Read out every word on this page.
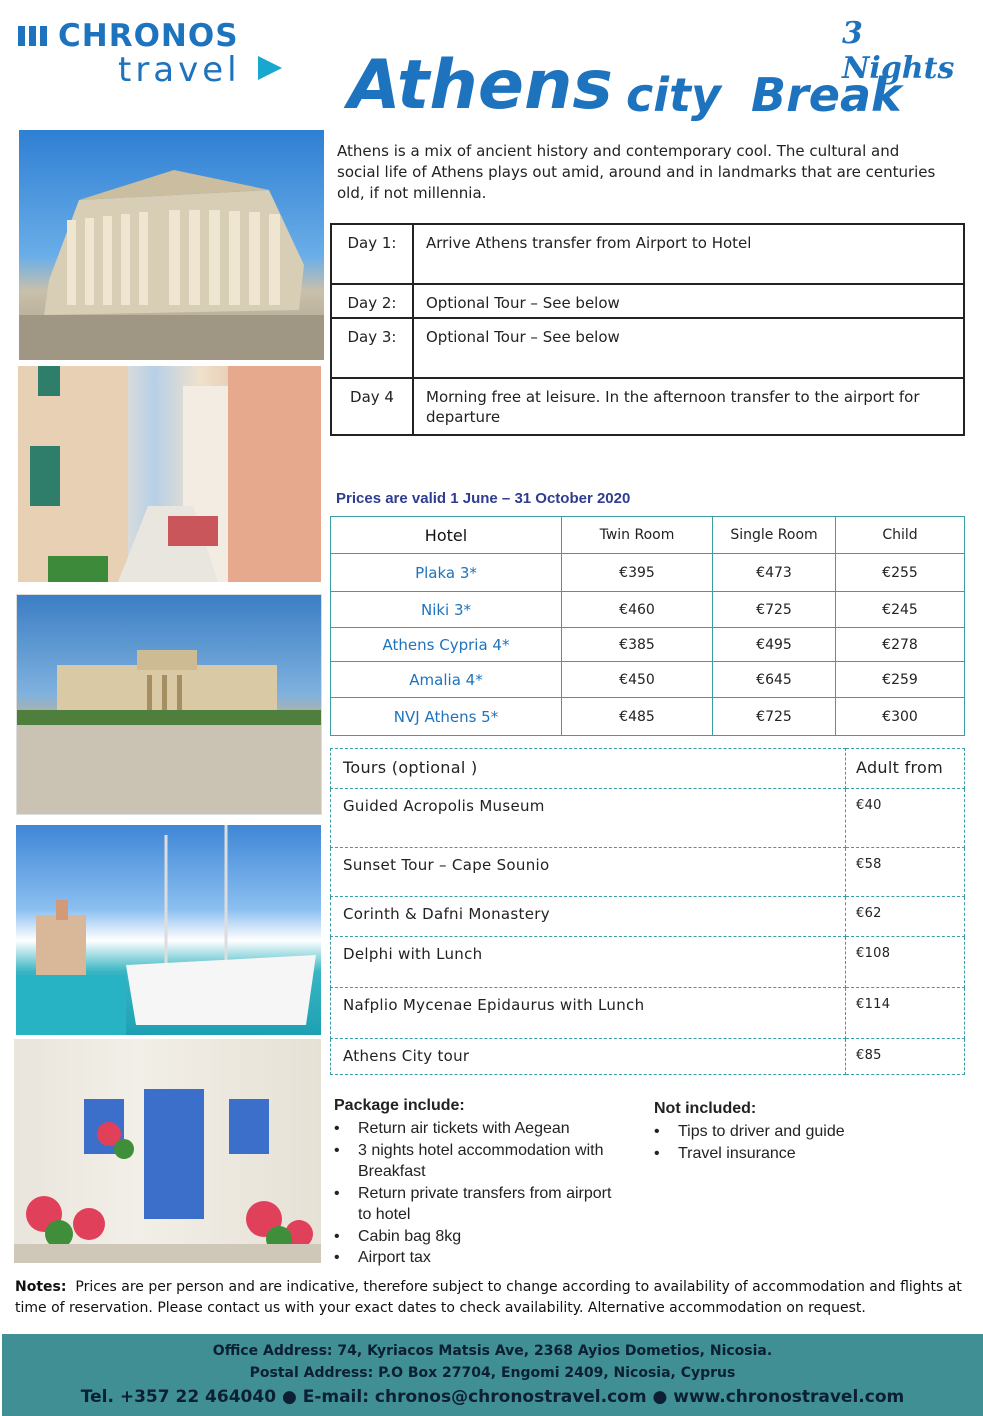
CHRONOS
travel
3 Nights
Athens city Break
Athens is a mix of ancient history and contemporary cool. The cultural and social life of Athens plays out amid, around and in landmarks that are centuries old, if not millennia.
Day 1:	Arrive Athens transfer from Airport to Hotel
Day 2:	Optional Tour – See below
Day 3:	Optional Tour – See below
Day 4	Morning free at leisure. In the afternoon transfer to the airport for departure
Prices are valid 1 June – 31 October 2020
Hotel	Twin Room	Single Room	Child
Plaka 3*	€395	€473	€255
Niki 3*	€460	€725	€245
Athens Cypria 4*	€385	€495	€278
Amalia 4*	€450	€645	€259
NVJ Athens 5*	€485	€725	€300
Tours (optional )	Adult from
Guided Acropolis Museum	€40
Sunset Tour – Cape Sounio	€58
Corinth & Dafni Monastery	€62
Delphi with Lunch	€108
Nafplio Mycenae Epidaurus with Lunch	€114
Athens City tour	€85
Package include:
• Return air tickets with Aegean
• 3 nights hotel accommodation with Breakfast
• Return private transfers from airport to hotel
• Cabin bag 8kg
• Airport tax
Not included:
• Tips to driver and guide
• Travel insurance
Notes: Prices are per person and are indicative, therefore subject to change according to availability of accommodation and flights at time of reservation. Please contact us with your exact dates to check availability. Alternative accommodation on request.
Office Address: 74, Kyriacos Matsis Ave, 2368 Ayios Dometios, Nicosia.
Postal Address: P.O Box 27704, Engomi 2409, Nicosia, Cyprus
Tel. +357 22 464040 ● E-mail: chronos@chronostravel.com ● www.chronostravel.com
